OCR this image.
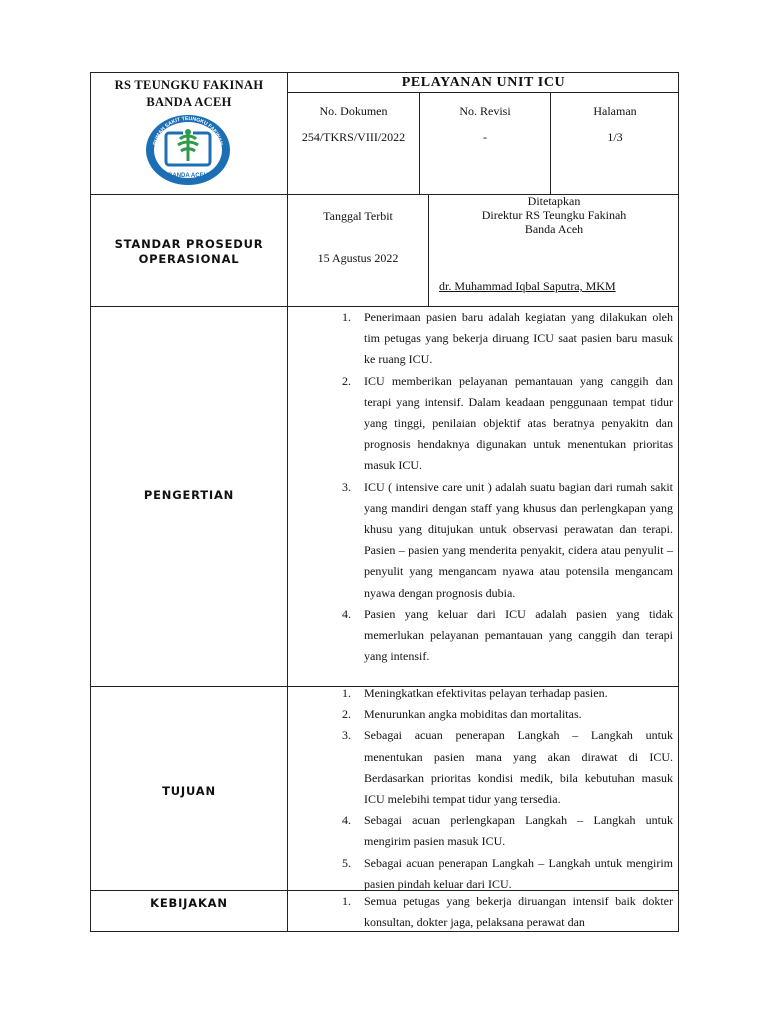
RS TEUNGKU FAKINAH
BANDA ACEH
RUMAH SAKIT TEUNGKU FAKINAH
BANDA ACEH
PELAYANAN UNIT ICU
No. Dokumen
254/TKRS/VIII/2022
No. Revisi
-
Halaman
1/3
STANDAR PROSEDUR
OPERASIONAL
Tanggal Terbit
15 Agustus 2022
Ditetapkan
Direktur RS Teungku Fakinah
Banda Aceh
dr. Muhammad Iqbal Saputra, MKM
PENGERTIAN
1. Penerimaan pasien baru adalah kegiatan yang dilakukan oleh tim petugas yang bekerja diruang ICU saat pasien baru masuk ke ruang ICU.
2. ICU memberikan pelayanan pemantauan yang canggih dan terapi yang intensif. Dalam keadaan penggunaan tempat tidur yang tinggi, penilaian objektif atas beratnya penyakitn dan prognosis hendaknya digunakan untuk menentukan prioritas masuk ICU.
3. ICU ( intensive care unit ) adalah suatu bagian dari rumah sakit yang mandiri dengan staff yang khusus dan perlengkapan yang khusu yang ditujukan untuk observasi perawatan dan terapi. Pasien – pasien yang menderita penyakit, cidera atau penyulit – penyulit yang mengancam nyawa atau potensila mengancam nyawa dengan prognosis dubia.
4. Pasien yang keluar dari ICU adalah pasien yang tidak memerlukan pelayanan pemantauan yang canggih dan terapi yang intensif.
TUJUAN
1. Meningkatkan efektivitas pelayan terhadap pasien.
2. Menurunkan angka mobiditas dan mortalitas.
3. Sebagai acuan penerapan Langkah – Langkah untuk menentukan pasien mana yang akan dirawat di ICU. Berdasarkan prioritas kondisi medik, bila kebutuhan masuk ICU melebihi tempat tidur yang tersedia.
4. Sebagai acuan perlengkapan Langkah – Langkah untuk mengirim pasien masuk ICU.
5. Sebagai acuan penerapan Langkah – Langkah untuk mengirim pasien pindah keluar dari ICU.
KEBIJAKAN	1. Semua petugas yang bekerja diruangan intensif baik dokter konsultan, dokter jaga, pelaksana perawat dan
